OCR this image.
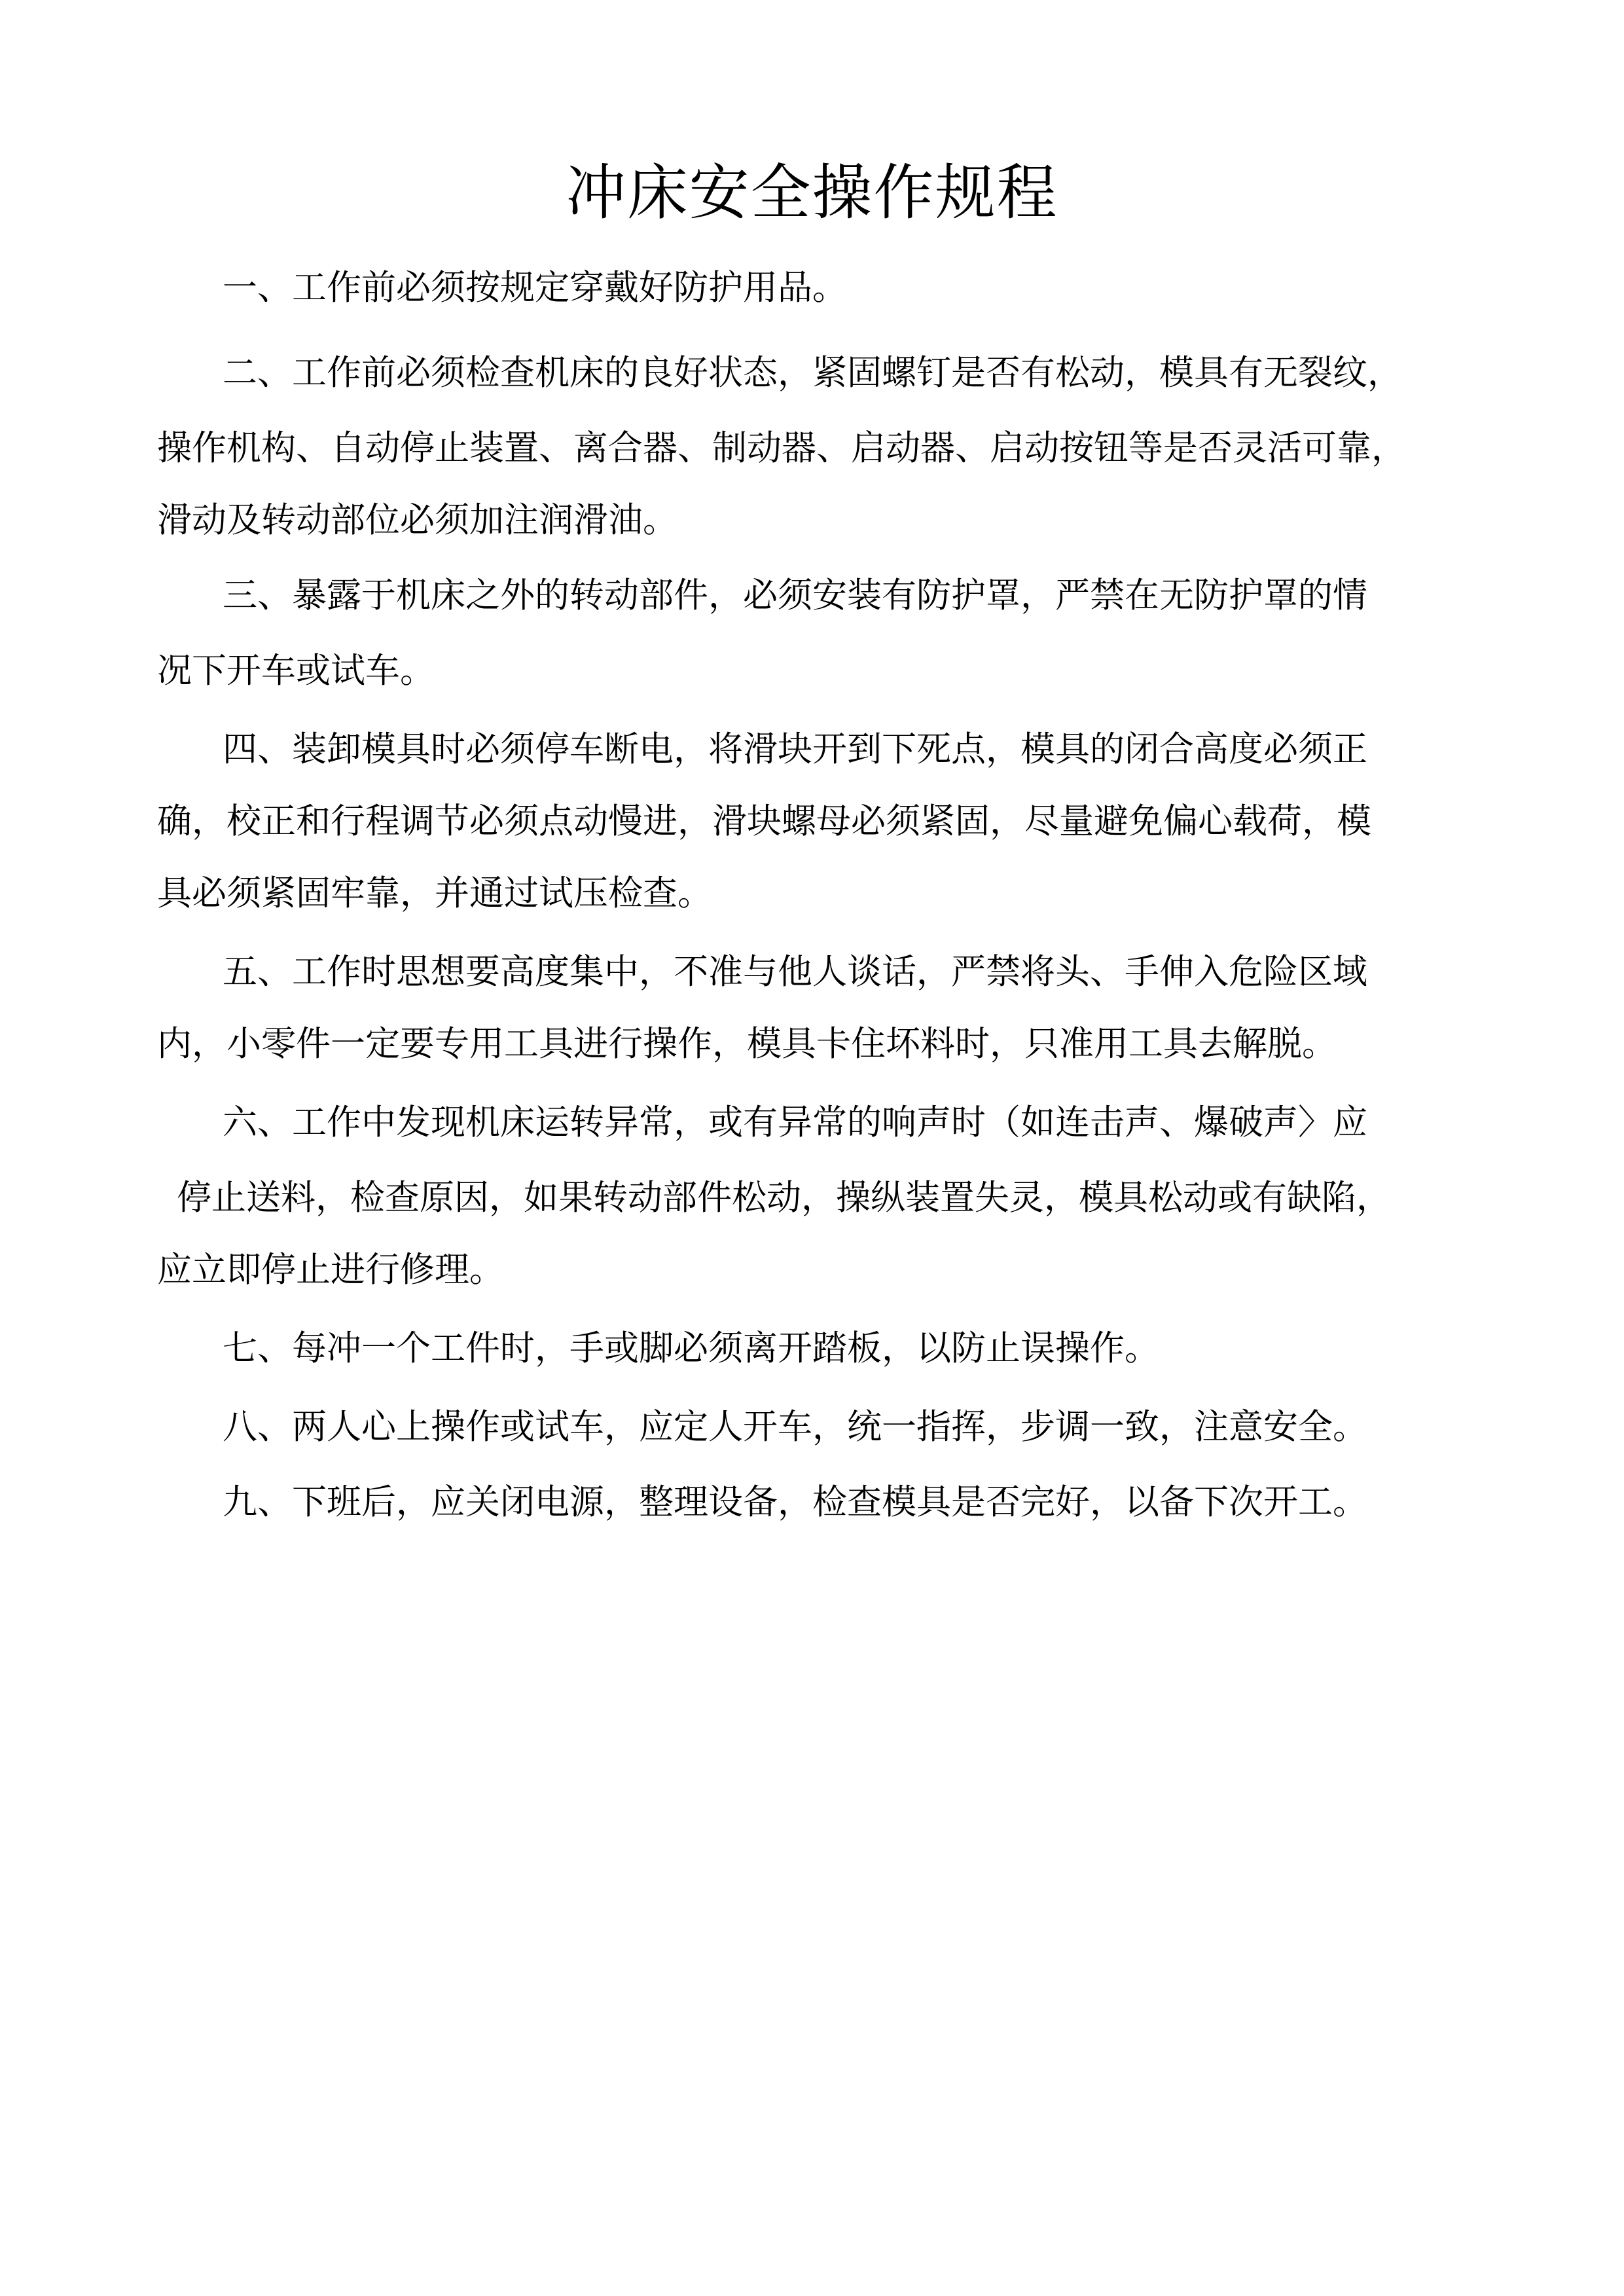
冲床安全操作规程
一、工作前必须按规定穿戴好防护用品。
二、工作前必须检查机床的良好状态，紧固螺钉是否有松动，模具有无裂纹，
操作机构、自动停止装置、离合器、制动器、启动器、启动按钮等是否灵活可靠，
滑动及转动部位必须加注润滑油。
三、暴露于机床之外的转动部件，必须安装有防护罩，严禁在无防护罩的情
况下开车或试车。
四、装卸模具时必须停车断电，将滑块开到下死点，模具的闭合高度必须正
确，校正和行程调节必须点动慢进，滑块螺母必须紧固，尽量避免偏心载荷，模
具必须紧固牢靠，并通过试压检查。
五、工作时思想要高度集中，不准与他人谈话，严禁将头、手伸入危险区域
内，小零件一定要专用工具进行操作，模具卡住坏料时，只准用工具去解脱。
六、工作中发现机床运转异常，或有异常的响声时（如连击声、爆破声〉应
停止送料，检查原因，如果转动部件松动，操纵装置失灵，模具松动或有缺陷，
应立即停止进行修理。
七、每冲一个工件时，手或脚必须离开踏板，以防止误操作。
八、两人心上操作或试车，应定人开车，统一指挥，步调一致，注意安全。
九、下班后，应关闭电源，整理设备，检查模具是否完好，以备下次开工。
